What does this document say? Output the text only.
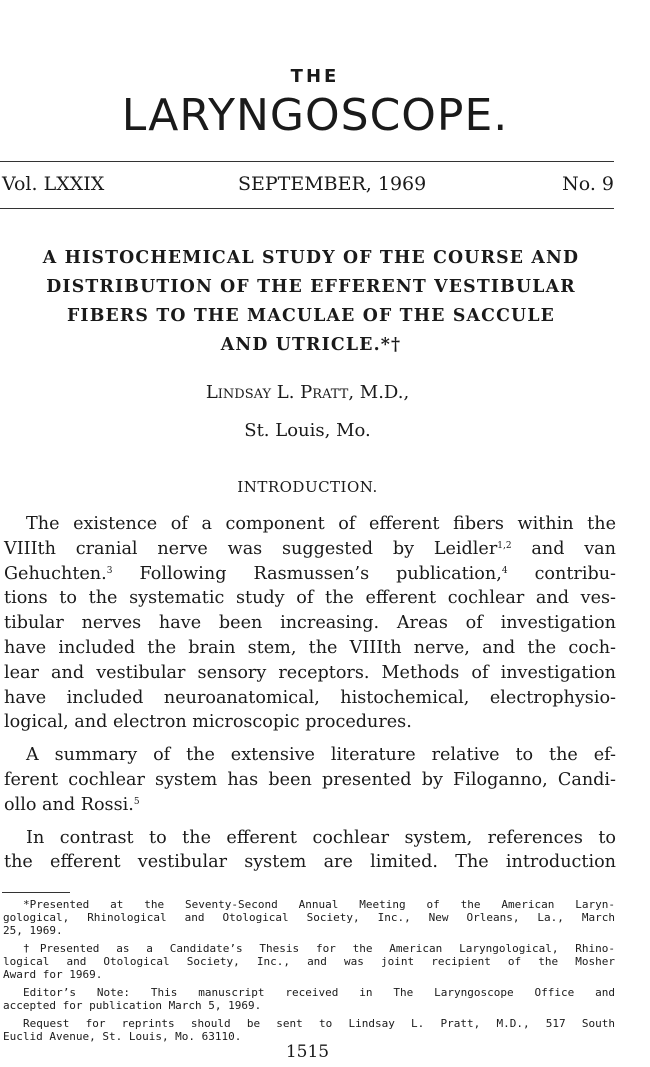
THE
LARYNGOSCOPE.
Vol. LXXIX	SEPTEMBER, 1969	No. 9
A HISTOCHEMICAL STUDY OF THE COURSE AND
DISTRIBUTION OF THE EFFERENT VESTIBULAR
FIBERS TO THE MACULAE OF THE SACCULE
AND UTRICLE.*†
Lindsay L. Pratt, M.D.,
St. Louis, Mo.
INTRODUCTION.

The existence of a component of efferent fibers within the
VIIIth cranial nerve was suggested by Leidler$^{1,2}$ and van
Gehuchten.$^3$ Following Rasmussen’s publication,$^4$ contribu-
tions to the systematic study of the efferent cochlear and ves-
tibular nerves have been increasing. Areas of investigation
have included the brain stem, the VIIIth nerve, and the coch-
lear and vestibular sensory receptors. Methods of investigation
have included neuroanatomical, histochemical, electrophysio-
logical, and electron microscopic procedures.

A summary of the extensive literature relative to the ef-
ferent cochlear system has been presented by Filoganno, Candi-
ollo and Rossi.$^5$

In contrast to the efferent cochlear system, references to
the efferent vestibular system are limited. The introduction

*Presented at the Seventy-Second Annual Meeting of the American Laryn-
gological, Rhinological and Otological Society, Inc., New Orleans, La., March
25, 1969.
†Presented as a Candidate’s Thesis for the American Laryngological, Rhino-
logical and Otological Society, Inc., and was joint recipient of the Mosher
Award for 1969.
Editor’s Note: This manuscript received in The Laryngoscope Office and
accepted for publication March 5, 1969.
Request for reprints should be sent to Lindsay L. Pratt, M.D., 517 South
Euclid Avenue, St. Louis, Mo. 63110.
1515
